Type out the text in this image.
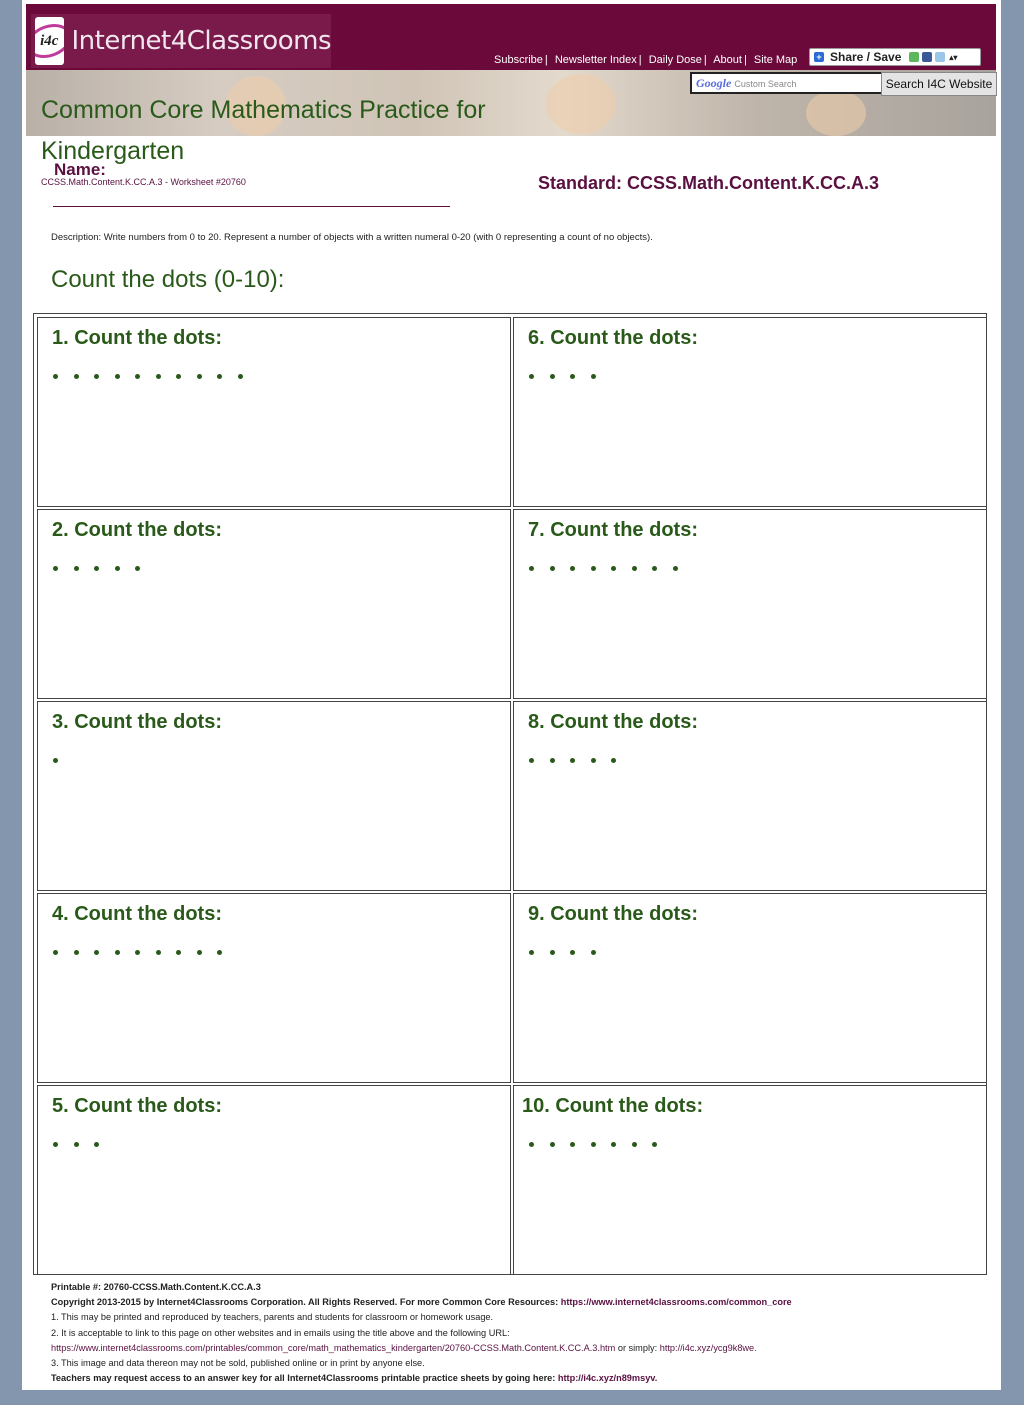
i4c Internet4Classrooms
Subscribe | Newsletter Index | Daily Dose | About | Site Map + Share / Save	▴▾
Google Custom Search	Search I4C Website
Common Core Mathematics Practice for Kindergarten
Name:
CCSS.Math.Content.K.CC.A.3 - Worksheet #20760	Standard: CCSS.Math.Content.K.CC.A.3
Description: Write numbers from 0 to 20. Represent a number of objects with a written numeral 0-20 (with 0 representing a count of no objects).
Count the dots (0-10):
1. Count the dots:
2. Count the dots:
3. Count the dots:
4. Count the dots:
5. Count the dots:
6. Count the dots:
7. Count the dots:
8. Count the dots:
9. Count the dots:
10. Count the dots:
Printable #: 20760-CCSS.Math.Content.K.CC.A.3
Copyright 2013-2015 by Internet4Classrooms Corporation. All Rights Reserved. For more Common Core Resources: https://www.internet4classrooms.com/common_core
1. This may be printed and reproduced by teachers, parents and students for classroom or homework usage.
2. It is acceptable to link to this page on other websites and in emails using the title above and the following URL:
https://www.internet4classrooms.com/printables/common_core/math_mathematics_kindergarten/20760-CCSS.Math.Content.K.CC.A.3.htm or simply: http://i4c.xyz/ycg9k8we.
3. This image and data thereon may not be sold, published online or in print by anyone else.
Teachers may request access to an answer key for all Internet4Classrooms printable practice sheets by going here: http://i4c.xyz/n89msyv.
